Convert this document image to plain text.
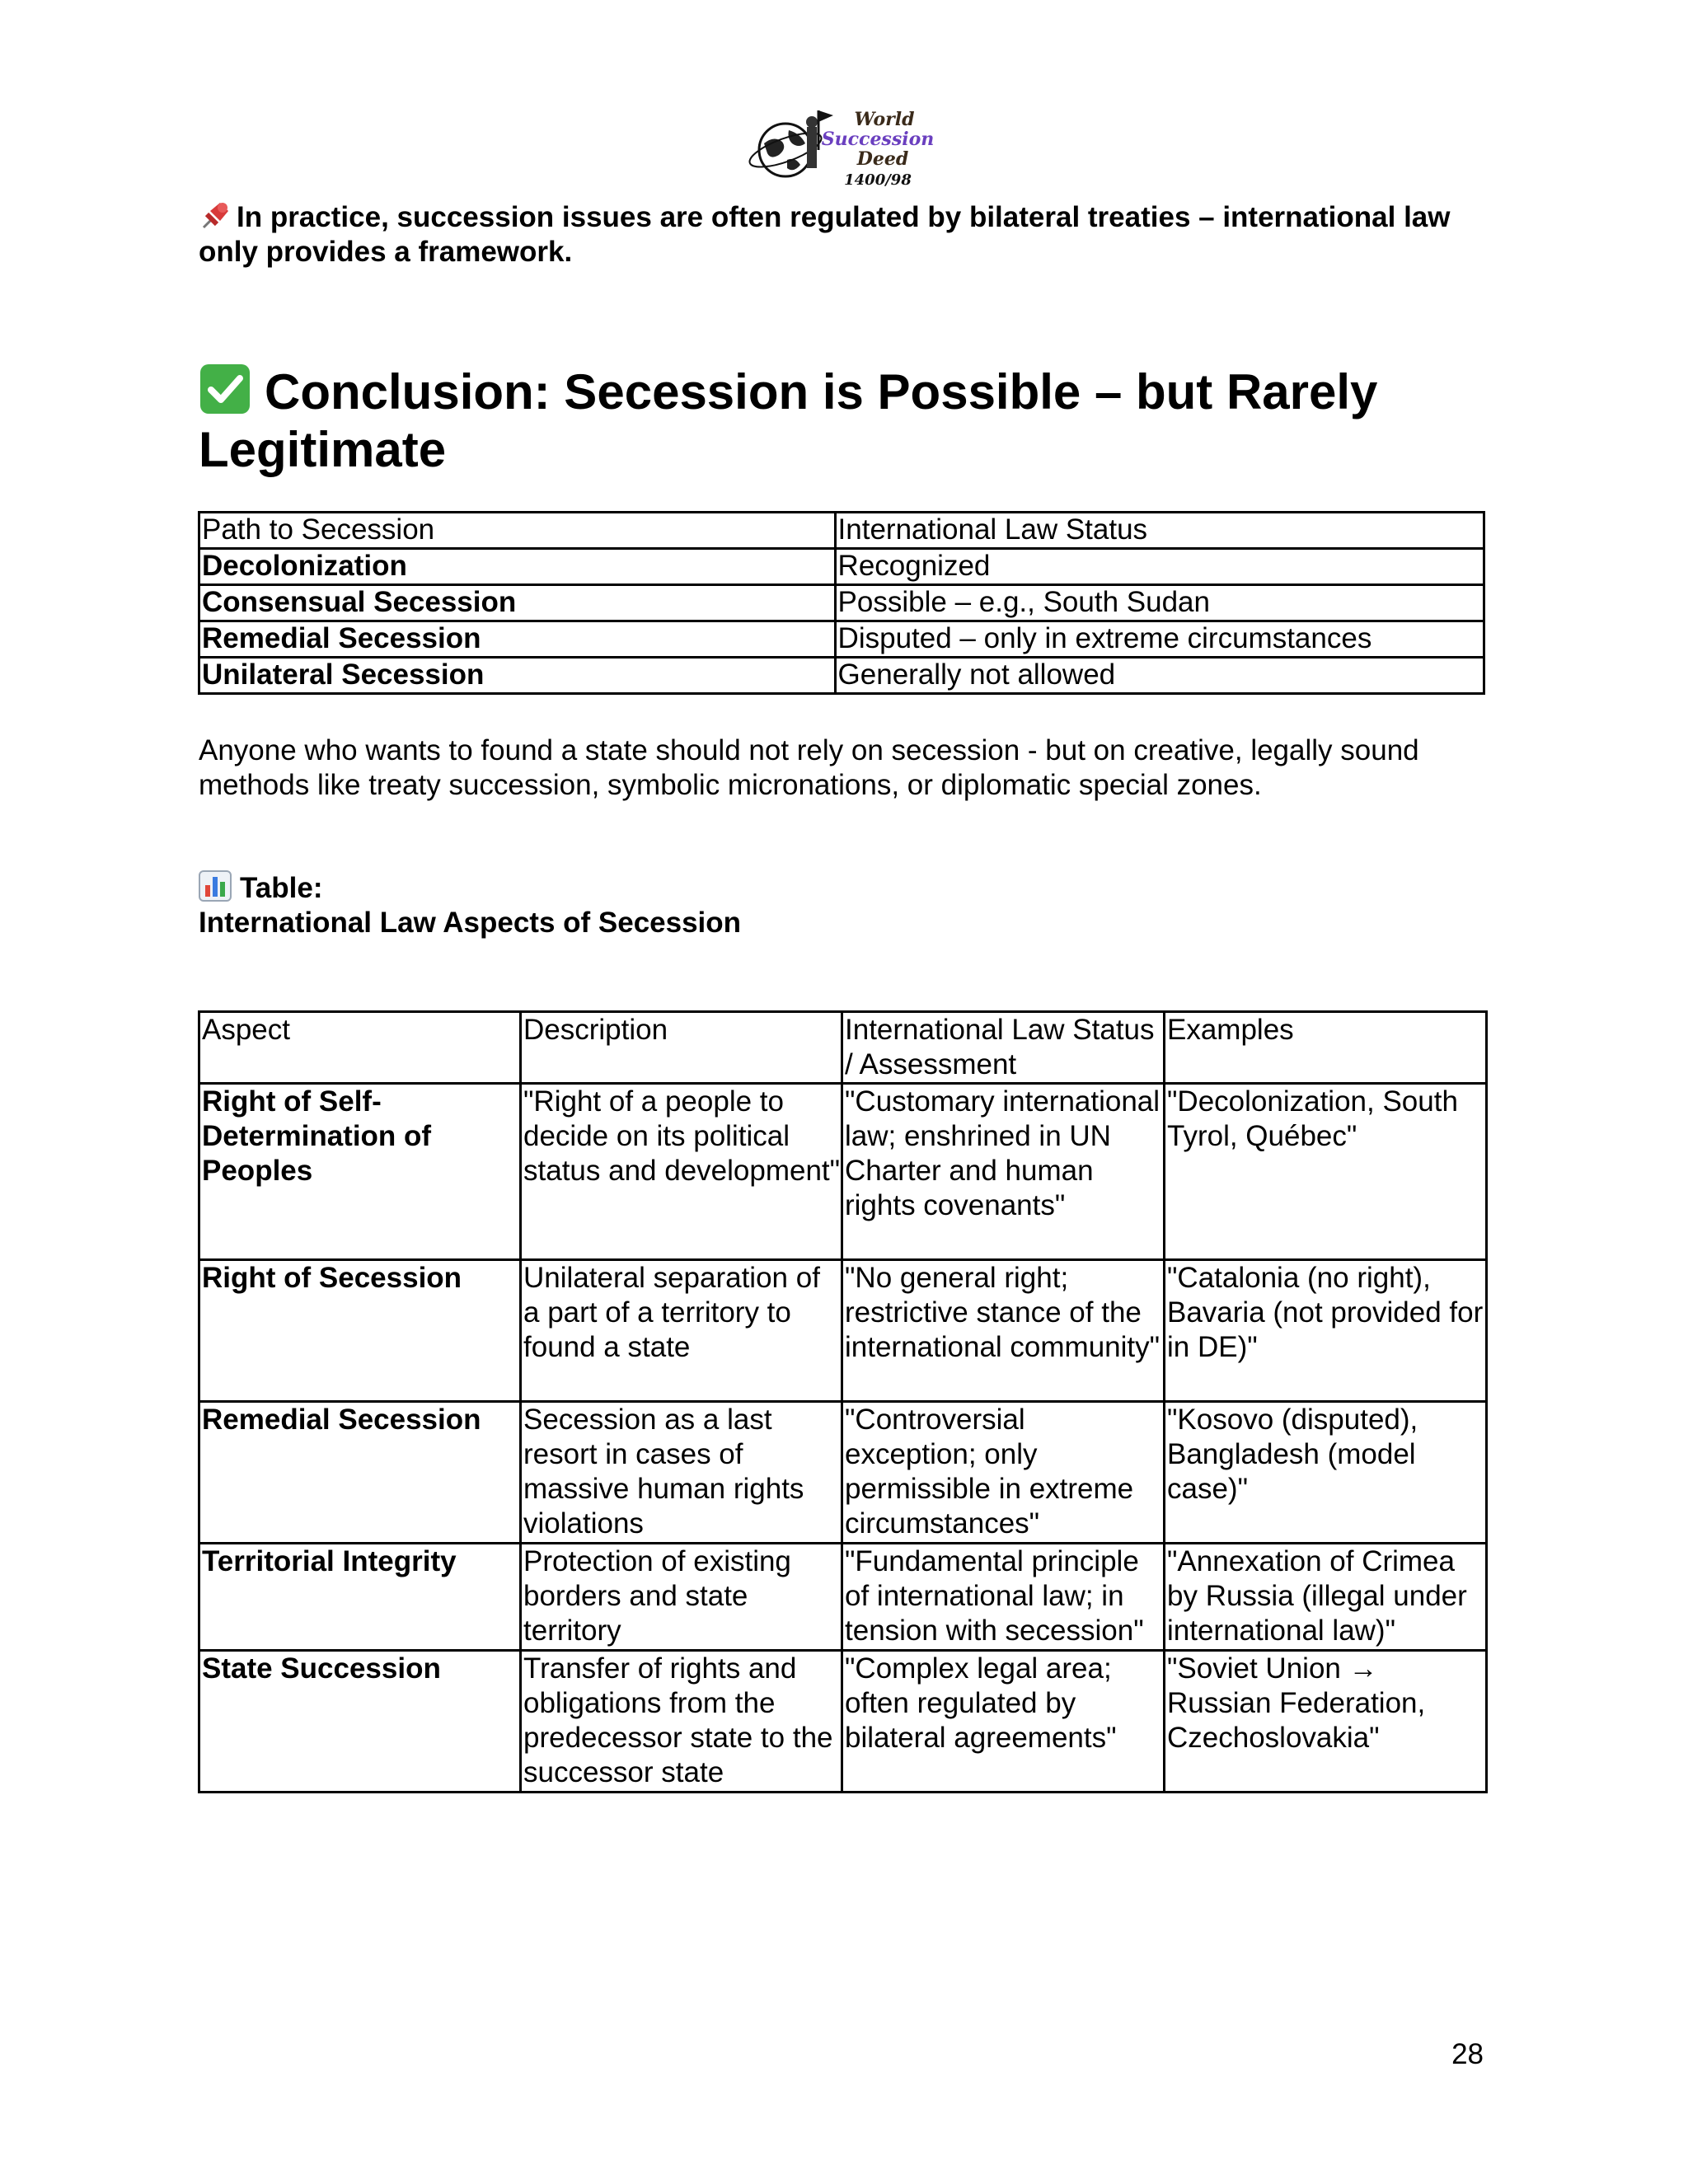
World
Succession
Deed
1400/98
In practice, succession issues are often regulated by bilateral treaties – international law only provides a framework.
Conclusion: Secession is Possible – but Rarely Legitimate
Path to Secession	International Law Status
Decolonization	Recognized
Consensual Secession	Possible – e.g., South Sudan
Remedial Secession	Disputed – only in extreme circumstances
Unilateral Secession	Generally not allowed
Anyone who wants to found a state should not rely on secession - but on creative, legally sound methods like treaty succession, symbolic micronations, or diplomatic special zones.
Table:
International Law Aspects of Secession
Aspect	Description	International Law Status / Assessment	Examples
Right of Self-Determination of Peoples	"Right of a people to decide on its political status and development"	"Customary international law; enshrined in UN Charter and human rights covenants"	"Decolonization, South Tyrol, Québec"
Right of Secession	Unilateral separation of a part of a territory to found a state	"No general right; restrictive stance of the international community"	"Catalonia (no right), Bavaria (not provided for in DE)"
Remedial Secession	Secession as a last resort in cases of massive human rights violations	"Controversial exception; only permissible in extreme circumstances"	"Kosovo (disputed), Bangladesh (model case)"
Territorial Integrity	Protection of existing borders and state territory	"Fundamental principle of international law; in tension with secession"	"Annexation of Crimea by Russia (illegal under international law)"
State Succession	Transfer of rights and obligations from the predecessor state to the successor state	"Complex legal area; often regulated by bilateral agreements"	"Soviet Union → Russian Federation, Czechoslovakia"
28
